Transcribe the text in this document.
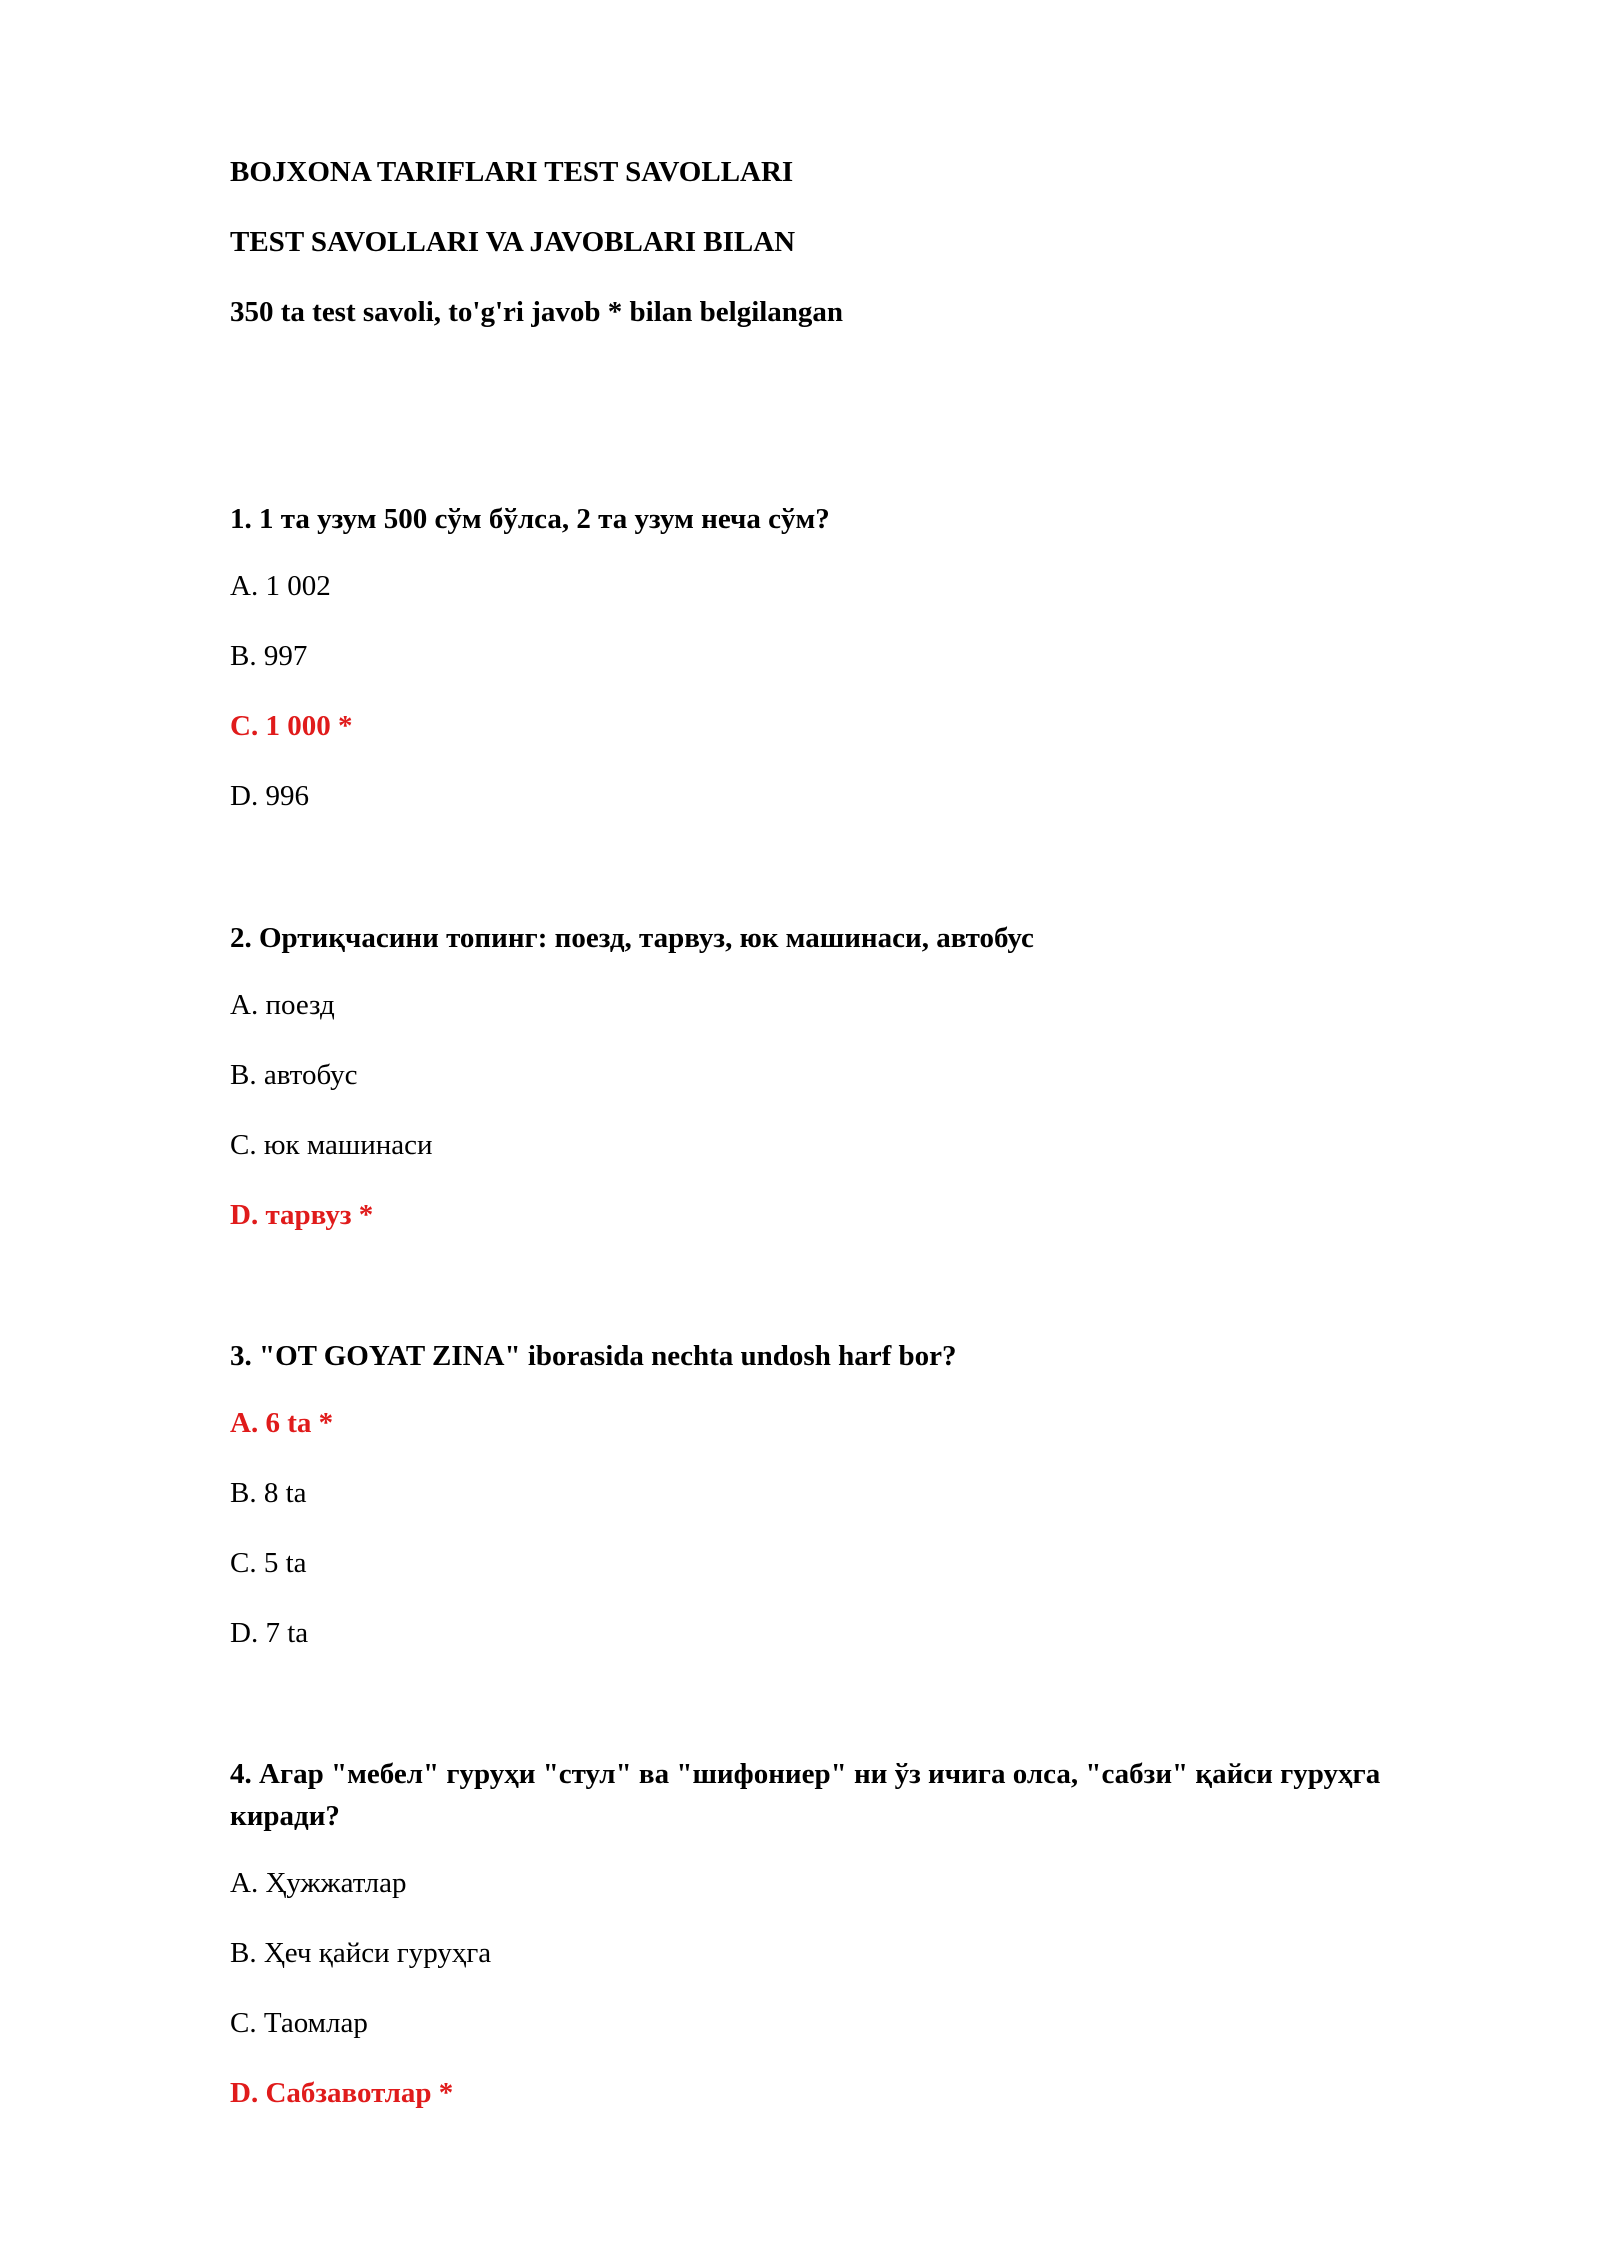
BOJXONA TARIFLARI TEST SAVOLLARI

TEST SAVOLLARI VA JAVOBLARI BILAN

350 ta test savoli, to'g'ri javob * bilan belgilangan

1. 1 та узум 500 сўм бўлса, 2 та узум неча сўм?

A. 1 002

B. 997

C. 1 000 *

D. 996

2. Ортиқчасини топинг: поезд, тарвуз, юк машинаси, автобус

A. поезд

B. автобус

C. юк машинаси

D. тарвуз *

3. "OT GOYAT ZINA" iborasida nechta undosh harf bor?

A. 6 ta *

B. 8 ta

C. 5 ta

D. 7 ta

4. Агар "мебел" гуруҳи "стул" ва "шифониер" ни ўз ичига олса, "сабзи" қайси гуруҳга киради?

A. Ҳужжатлар

B. Ҳеч қайси гуруҳга

C. Таомлар

D. Сабзавотлар *
